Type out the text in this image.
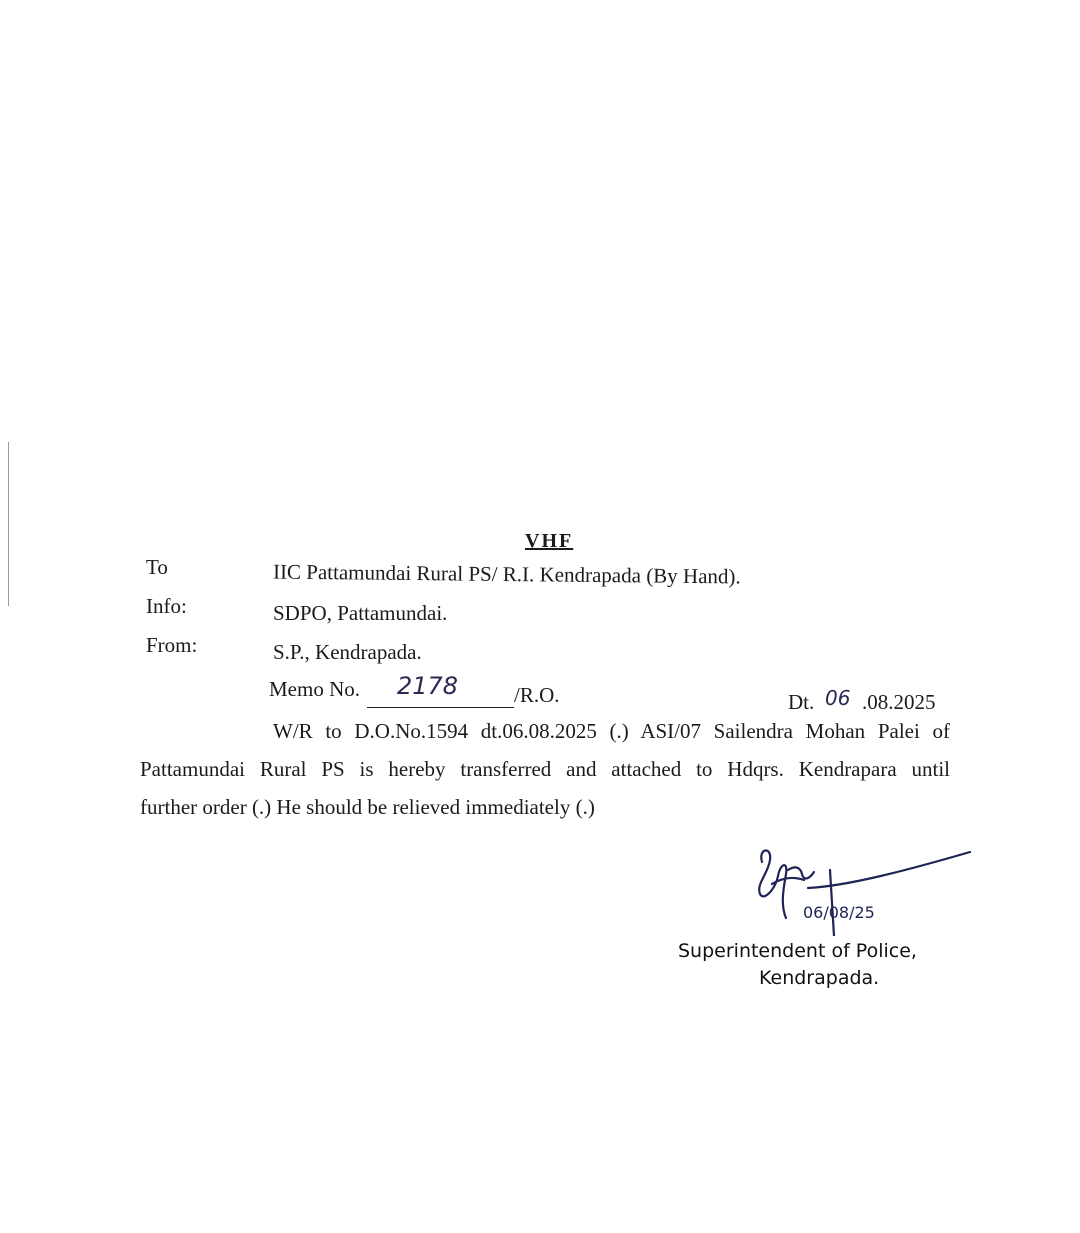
VHF
To	IIC Pattamundai Rural PS/ R.I. Kendrapada (By Hand).
Info:	SDPO, Pattamundai.
From:	S.P., Kendrapada.
Memo No. 2178	/R.O.	Dt. 06 .08.2025
W/R to D.O.No.1594 dt.06.08.2025 (.) ASI/07 Sailendra Mohan Palei of
Pattamundai Rural PS is hereby transferred and attached to Hdqrs. Kendrapara until
further order (.) He should be relieved immediately (.)
06/08/25
Superintendent of Police,
Kendrapada.
